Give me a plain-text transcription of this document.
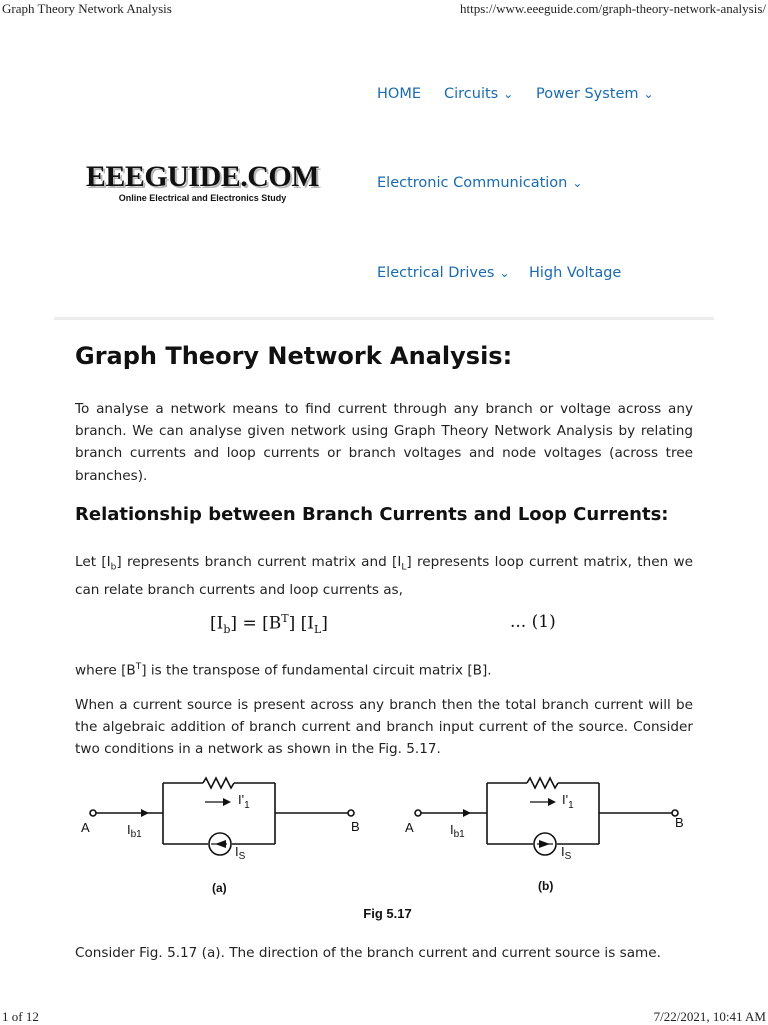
Graph Theory Network Analysis	https://www.eeeguide.com/graph-theory-network-analysis/
1 of 12	7/22/2021, 10:41 AM
EEEGUIDE.COM
Online Electrical and Electronics Study
HOME Circuits ⌄ Power System ⌄
Electronic Communication ⌄
Electrical Drives ⌄ High Voltage
Graph Theory Network Analysis:

To analyse a network means to find current through any branch or voltage across any branch. We can analyse given network using Graph Theory Network Analysis by relating branch currents and loop currents or branch voltages and node voltages (across tree branches).

Relationship between Branch Currents and Loop Currents:

Let $[I_b]$ represents branch current matrix and $[I_L]$ represents loop current matrix, then we can relate branch currents and loop currents as,

$[I_b] = [B^T]$ $[I_L]$	... (1)

where $[B^T]$ is the transpose of fundamental circuit matrix [B].

When a current source is present across any branch then the total branch current will be the algebraic addition of branch current and branch input current of the source. Consider two conditions in a network as shown in the Fig. 5.17.

A	B
$I_{b1}$
$I'_1$
$I_S$
(a)
A	B
$I_{b1}$
$I'_1$
$I_S$
(b)
Fig 5.17

Consider Fig. 5.17 (a). The direction of the branch current and current source is same.
